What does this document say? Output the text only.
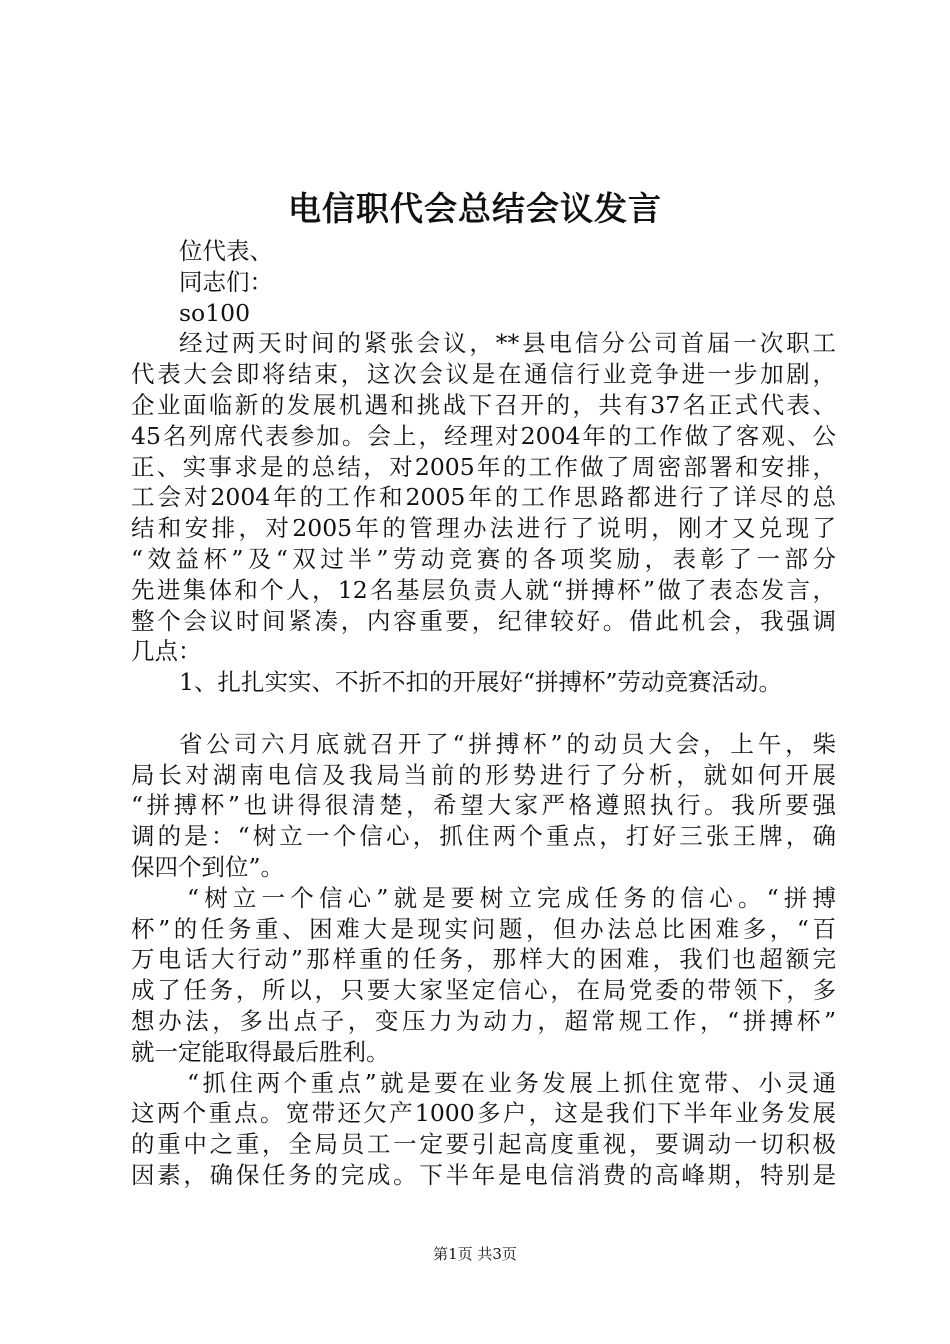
电信职代会总结会议发言
位代表、
同志们：
so100
经过两天时间的紧张会议，**县电信分公司首届一次职工
代表大会即将结束，这次会议是在通信行业竞争进一步加剧，
企业面临新的发展机遇和挑战下召开的，共有37名正式代表、
45名列席代表参加。会上，经理对2004年的工作做了客观、公
正、实事求是的总结，对2005年的工作做了周密部署和安排，
工会对2004年的工作和2005年的工作思路都进行了详尽的总
结和安排，对2005年的管理办法进行了说明，刚才又兑现了
“效益杯”及“双过半”劳动竞赛的各项奖励，表彰了一部分
先进集体和个人，12名基层负责人就“拼搏杯”做了表态发言，
整个会议时间紧凑，内容重要，纪律较好。借此机会，我强调
几点：
1、扎扎实实、不折不扣的开展好“拼搏杯”劳动竞赛活动。
省公司六月底就召开了“拼搏杯”的动员大会，上午，柴
局长对湖南电信及我局当前的形势进行了分析，就如何开展
“拼搏杯”也讲得很清楚，希望大家严格遵照执行。我所要强
调的是：“树立一个信心，抓住两个重点，打好三张王牌，确
保四个到位”。
“树立一个信心”就是要树立完成任务的信心。“拼搏
杯”的任务重、困难大是现实问题，但办法总比困难多，“百
万电话大行动”那样重的任务，那样大的困难，我们也超额完
成了任务，所以，只要大家坚定信心，在局党委的带领下，多
想办法，多出点子，变压力为动力，超常规工作，“拼搏杯”
就一定能取得最后胜利。
“抓住两个重点”就是要在业务发展上抓住宽带、小灵通
这两个重点。宽带还欠产1000多户，这是我们下半年业务发展
的重中之重，全局员工一定要引起高度重视，要调动一切积极
因素，确保任务的完成。下半年是电信消费的高峰期，特别是
第1页 共3页
